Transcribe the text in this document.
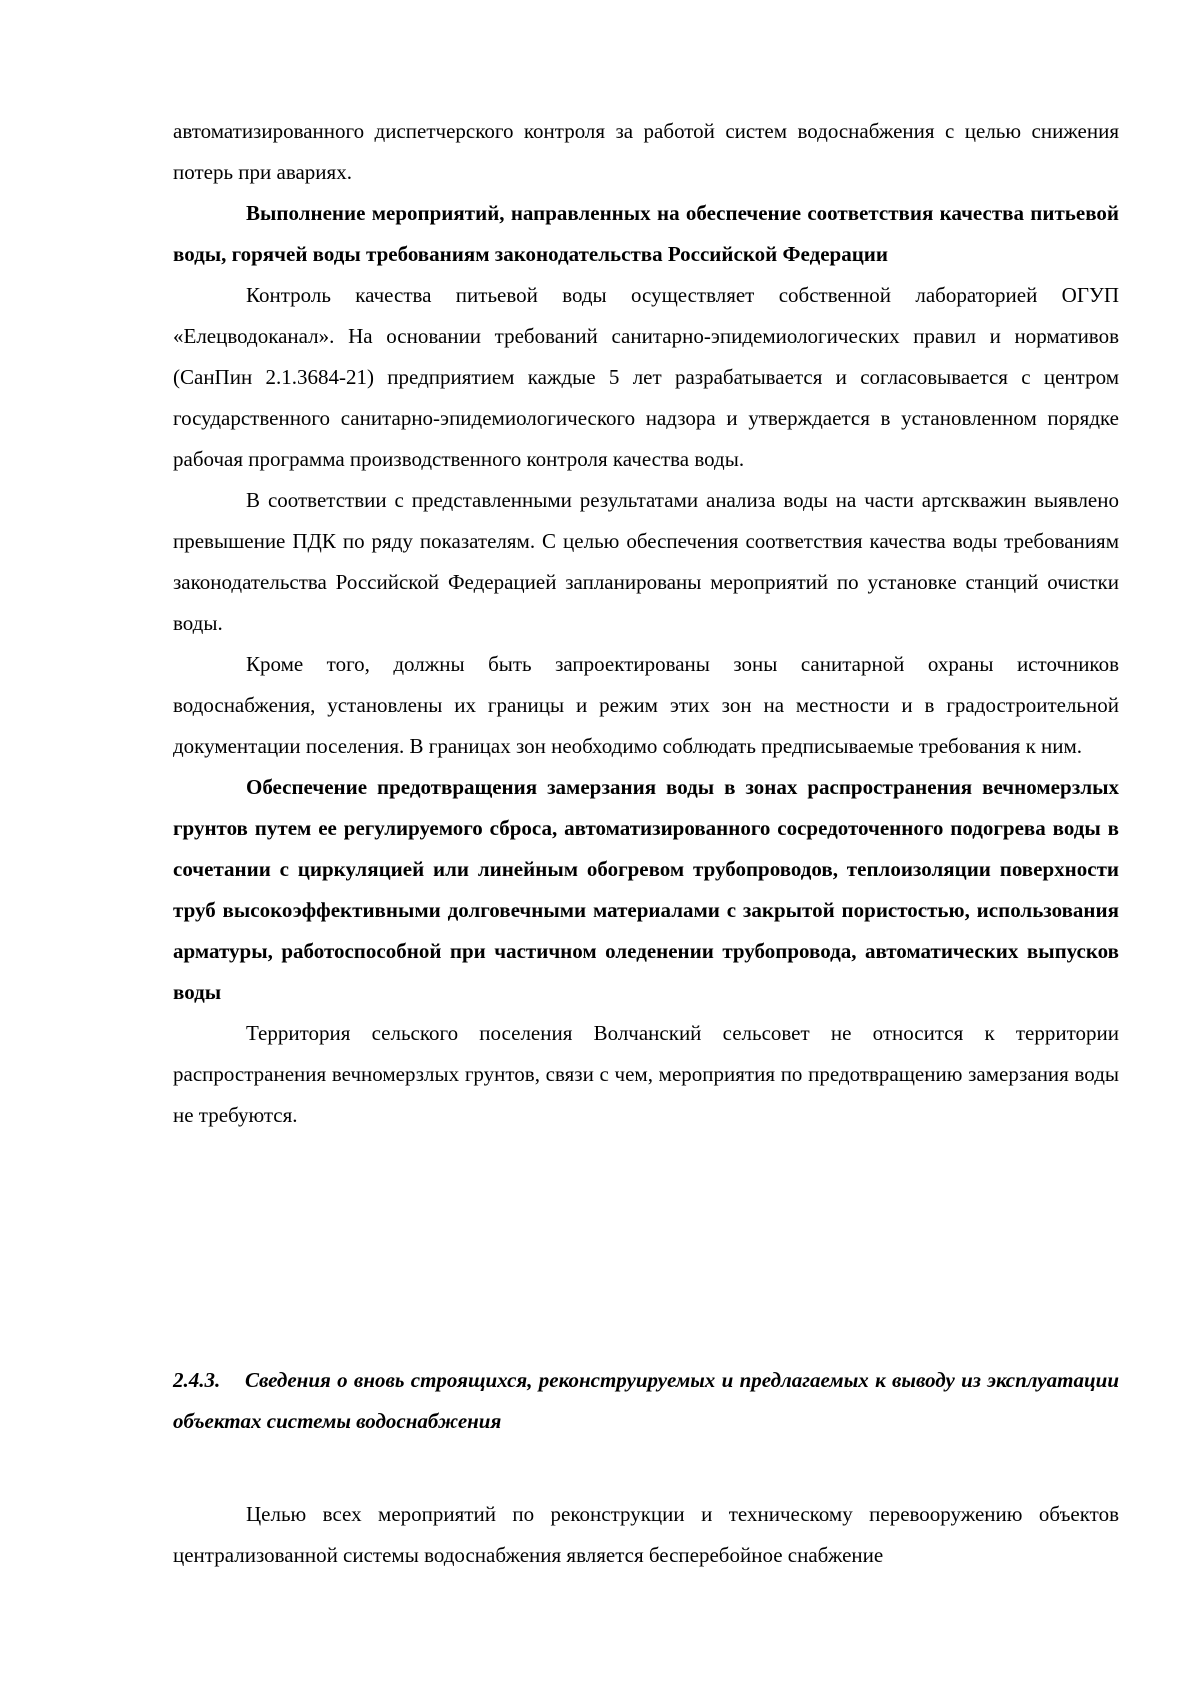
автоматизированного диспетчерского контроля за работой систем водоснабжения с целью снижения потерь при авариях.

Выполнение мероприятий, направленных на обеспечение соответствия качества питьевой воды, горячей воды требованиям законодательства Российской Федерации

Контроль качества питьевой воды осуществляет собственной лабораторией ОГУП «Елецводоканал». На основании требований санитарно-эпидемиологических правил и нормативов (СанПин 2.1.3684-21) предприятием каждые 5 лет разрабатывается и согласовывается с центром государственного санитарно-эпидемиологического надзора и утверждается в установленном порядке рабочая программа производственного контроля качества воды.

В соответствии с представленными результатами анализа воды на части артскважин выявлено превышение ПДК по ряду показателям. С целью обеспечения соответствия качества воды требованиям законодательства Российской Федерацией запланированы мероприятий по установке станций очистки воды.

Кроме того, должны быть запроектированы зоны санитарной охраны источников водоснабжения, установлены их границы и режим этих зон на местности и в градостроительной документации поселения. В границах зон необходимо соблюдать предписываемые требования к ним.

Обеспечение предотвращения замерзания воды в зонах распространения вечномерзлых грунтов путем ее регулируемого сброса, автоматизированного сосредоточенного подогрева воды в сочетании с циркуляцией или линейным обогревом трубопроводов, теплоизоляции поверхности труб высокоэффективными долговечными материалами с закрытой пористостью, использования арматуры, работоспособной при частичном оледенении трубопровода, автоматических выпусков воды

Территория сельского поселения Волчанский сельсовет не относится к территории распространения вечномерзлых грунтов, связи с чем, мероприятия по предотвращению замерзания воды не требуются.

2.4.3. Сведения о вновь строящихся, реконструируемых и предлагаемых к выводу из эксплуатации объектах системы водоснабжения

Целью всех мероприятий по реконструкции и техническому перевооружению объектов централизованной системы водоснабжения является бесперебойное снабжение
